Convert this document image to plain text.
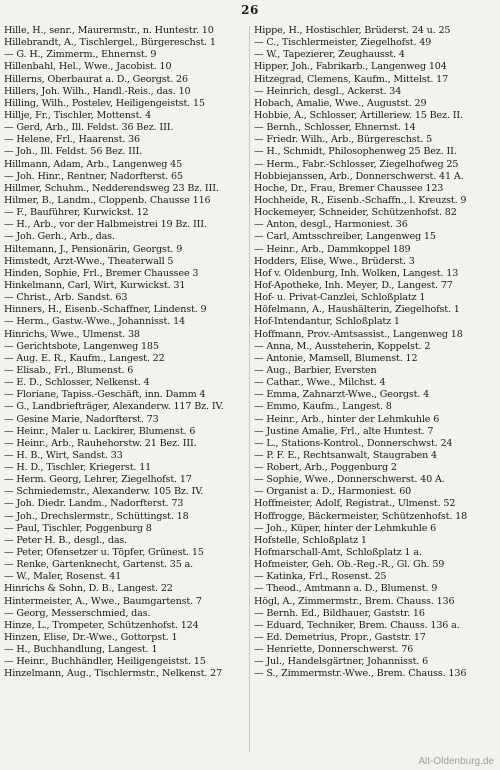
26
Hille, H., senr., Maurermstr., n. Huntestr. 10
Hillebrandt, A., Tischlergel., Bürgereschst. 1
— G. H., Zimmerm., Ehnernst. 9
Hillenbahl, Hel., Wwe., Jacobist. 10
Hillerns, Oberbaurat a. D., Georgst. 26
Hillers, Joh. Wilh., Handl.-Reis., das. 10
Hilling, Wilh., Postelev, Heiligengeistst. 15
Hillje, Fr., Tischler, Mottenst. 4
— Gerd, Arb., Ill. Feldst. 36 Bez. III.
— Helene, Frl., Haarenst. 36
— Joh., Ill. Feldst. 56 Bez. III.
Hillmann, Adam, Arb., Langenweg 45
— Joh. Hinr., Rentner, Nadorfterst. 65
Hillmer, Schuhm., Nedderendsweg 23 Bz. III.
Hilmer, B., Landm., Cloppenb. Chausse 116
— F., Bauführer, Kurwickst. 12
— H., Arb., vor der Halbmeistrei 19 Bz. III.
— Joh. Gerh., Arb., das.
Hiltemann, J., Pensionärin, Georgst. 9
Himstedt, Arzt-Wwe., Theaterwall 5
Hinden, Sophie, Frl., Bremer Chaussee 3
Hinkelmann, Carl, Wirt, Kurwickst. 31
— Christ., Arb. Sandst. 63
Hinners, H., Eisenb.-Schaffner, Lindenst. 9
— Herm., Gastw.-Wwe., Johannisst. 14
Hinrichs, Wwe., Ulmenst. 38
— Gerichtsbote, Langenweg 185
— Aug. E. R., Kaufm., Langest. 22
— Elisab., Frl., Blumenst. 6
— E. D., Schlosser, Nelkenst. 4
— Floriane, Tapiss.-Geschäft, inn. Damm 4
— G., Landbriefträger, Alexanderw. 117 Bz. IV.
— Gesine Marie, Nadorfterst. 73
— Heinr., Maler u. Lackirer, Blumenst. 6
— Heinr., Arb., Rauhehorstw. 21 Bez. III.
— H. B., Wirt, Sandst. 33
— H. D., Tischler, Kriegerst. 11
— Herm. Georg, Lehrer, Ziegelhofst. 17
— Schmiedemstr., Alexanderw. 105 Bz. IV.
— Joh. Diedr. Landm., Nadorfterst. 73
— Joh., Drechslermstr., Schüttingst. 18
— Paul, Tischler, Poggenburg 8
— Peter H. B., desgl., das.
— Peter, Ofensetzer u. Töpfer, Grünest. 15
— Renke, Gartenknecht, Gartenst. 35 a.
— W., Maler, Rosenst. 41
Hinrichs & Sohn, D. B., Langest. 22
Hintermeister, A., Wwe., Baumgartenst. 7
— Georg, Messerschmied, das.
Hinze, L., Trompeter, Schützenhofst. 124
Hinzen, Elise, Dr.-Wwe., Gottorpst. 1
— H., Buchhandlung, Langest. 1
— Heinr., Buchhändler, Heiligengeistst. 15
Hinzelmann, Aug., Tischlermstr., Nelkenst. 27
Hippe, H., Hostischler, Brüderst. 24 u. 25
— C., Tischlermeister, Ziegelhofst. 49
— W., Tapezierer, Zeughausst. 4
Hipper, Joh., Fabrikarb., Langenweg 104
Hitzegrad, Clemens, Kaufm., Mittelst. 17
— Heinrich, desgl., Ackerst. 34
Hobach, Amalie, Wwe., Augustst. 29
Hobbie, A., Schlosser, Artilleriew. 15 Bez. II.
— Bernh., Schlosser, Ehnernst. 14
— Friedr. Wilh., Arb., Bürgereschst. 5
— H., Schmidt, Philosophenweg 25 Bez. II.
— Herm., Fabr.-Schlosser, Ziegelhofweg 25
Hobbiejanssen, Arb., Donnerschwerst. 41 A.
Hoche, Dr., Frau, Bremer Chaussee 123
Hochheide, R., Eisenb.-Schaffn., l. Kreuzst. 9
Hockemeyer, Schneider, Schützenhofst. 82
— Anton, desgl., Harmoniest. 36
— Carl, Amtsschreiber, Langenweg 15
— Heinr., Arb., Dammkoppel 189
Hodders, Elise, Wwe., Brüderst. 3
Hof v. Oldenburg, Inh. Wolken, Langest. 13
Hof-Apotheke, Inh. Meyer, D., Langest. 77
Hof- u. Privat-Canzlei, Schloßplatz 1
Höfelmann, A., Haushälterin, Ziegelhofst. 1
Hof-Intendantur, Schloßplatz 1
Hoffmann, Prov.-Amtsassist., Langenweg 18
— Anna, M., Aussteherin, Koppelst. 2
— Antonie, Mamsell, Blumenst. 12
— Aug., Barbier, Eversten
— Cathar., Wwe., Milchst. 4
— Emma, Zahnarzt-Wwe., Georgst. 4
— Emmo, Kaufm., Langest. 8
— Heinr., Arb., hinter der Lehmkuhle 6
— Justine Amalie, Frl., alte Huntest. 7
— L., Stations-Kontrol., Donnerschwst. 24
— P. F. E., Rechtsanwalt, Staugraben 4
— Robert, Arb., Poggenburg 2
— Sophie, Wwe., Donnerschwerst. 40 A.
— Organist a. D., Harmoniest. 60
Hoffmeister, Adolf, Registrat., Ulmenst. 52
Hoffrogge, Bäckermeister, Schützenhofst. 18
— Joh., Küper, hinter der Lehmkuhle 6
Hofstelle, Schloßplatz 1
Hofmarschall-Amt, Schloßplatz 1 a.
Hofmeister, Geh. Ob.-Reg.-R., Gl. Gh. 59
— Katinka, Frl., Rosenst. 25
— Theod., Amtmann a. D., Blumenst. 9
Högl, A., Zimmermstr., Brem. Chauss. 136
— Bernh. Ed., Bildhauer, Gaststr. 16
— Eduard, Techniker, Brem. Chauss. 136 a.
— Ed. Demetrius, Propr., Gaststr. 17
— Henriette, Donnerschwerst. 76
— Jul., Handelsgärtner, Johannisst. 6
— S., Zimmermstr.-Wwe., Brem. Chauss. 136
Alt-Oldenburg.de
